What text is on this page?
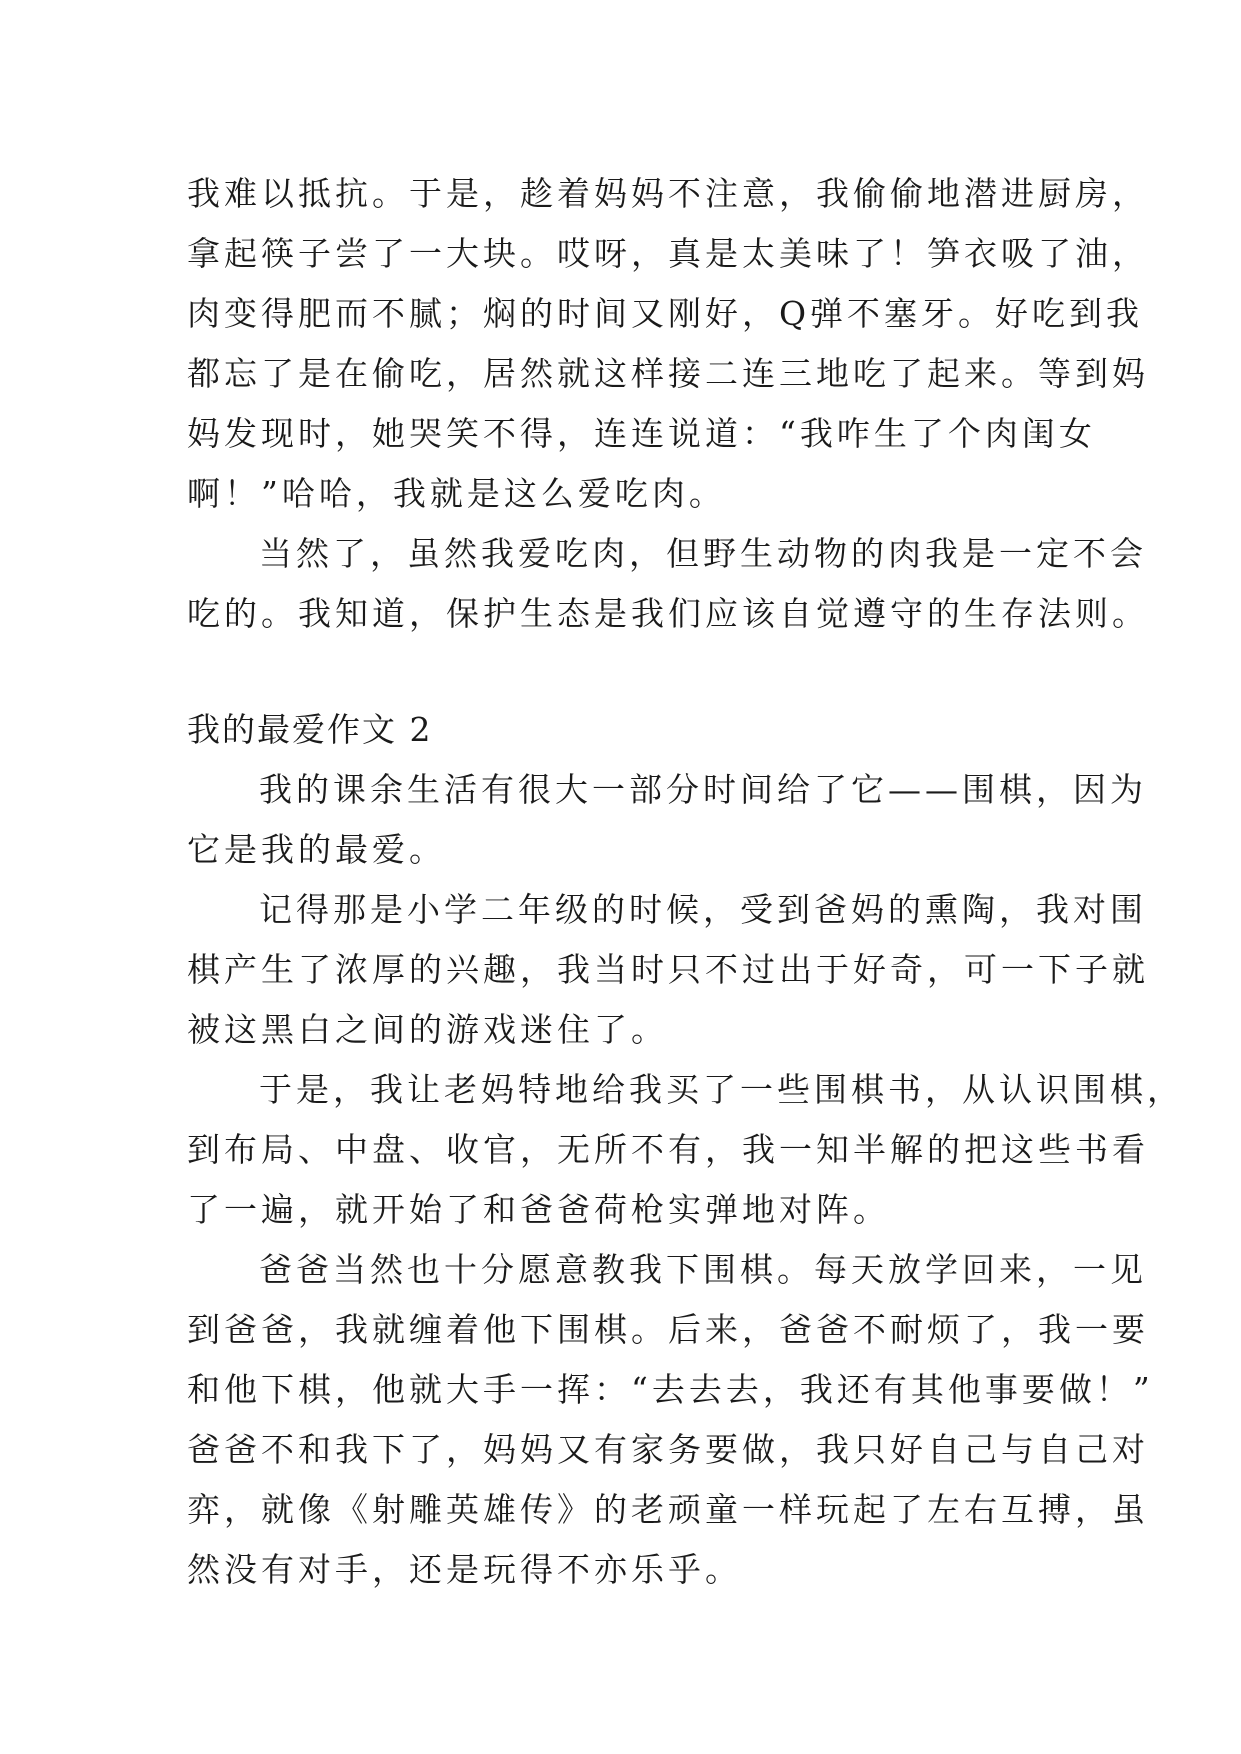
我难以抵抗。于是，趁着妈妈不注意，我偷偷地潜进厨房，
拿起筷子尝了一大块。哎呀，真是太美味了！笋衣吸了油，
肉变得肥而不腻；焖的时间又刚好，Q弹不塞牙。好吃到我
都忘了是在偷吃，居然就这样接二连三地吃了起来。等到妈
妈发现时，她哭笑不得，连连说道：“我咋生了个肉闺女
啊！”哈哈，我就是这么爱吃肉。
当然了，虽然我爱吃肉，但野生动物的肉我是一定不会
吃的。我知道，保护生态是我们应该自觉遵守的生存法则。
我的最爱作文 2
我的课余生活有很大一部分时间给了它——围棋，因为
它是我的最爱。
记得那是小学二年级的时候，受到爸妈的熏陶，我对围
棋产生了浓厚的兴趣，我当时只不过出于好奇，可一下子就
被这黑白之间的游戏迷住了。
于是，我让老妈特地给我买了一些围棋书，从认识围棋，
到布局、中盘、收官，无所不有，我一知半解的把这些书看
了一遍，就开始了和爸爸荷枪实弹地对阵。
爸爸当然也十分愿意教我下围棋。每天放学回来，一见
到爸爸，我就缠着他下围棋。后来，爸爸不耐烦了，我一要
和他下棋，他就大手一挥：“去去去，我还有其他事要做！”
爸爸不和我下了，妈妈又有家务要做，我只好自己与自己对
弈，就像《射雕英雄传》的老顽童一样玩起了左右互搏，虽
然没有对手，还是玩得不亦乐乎。
